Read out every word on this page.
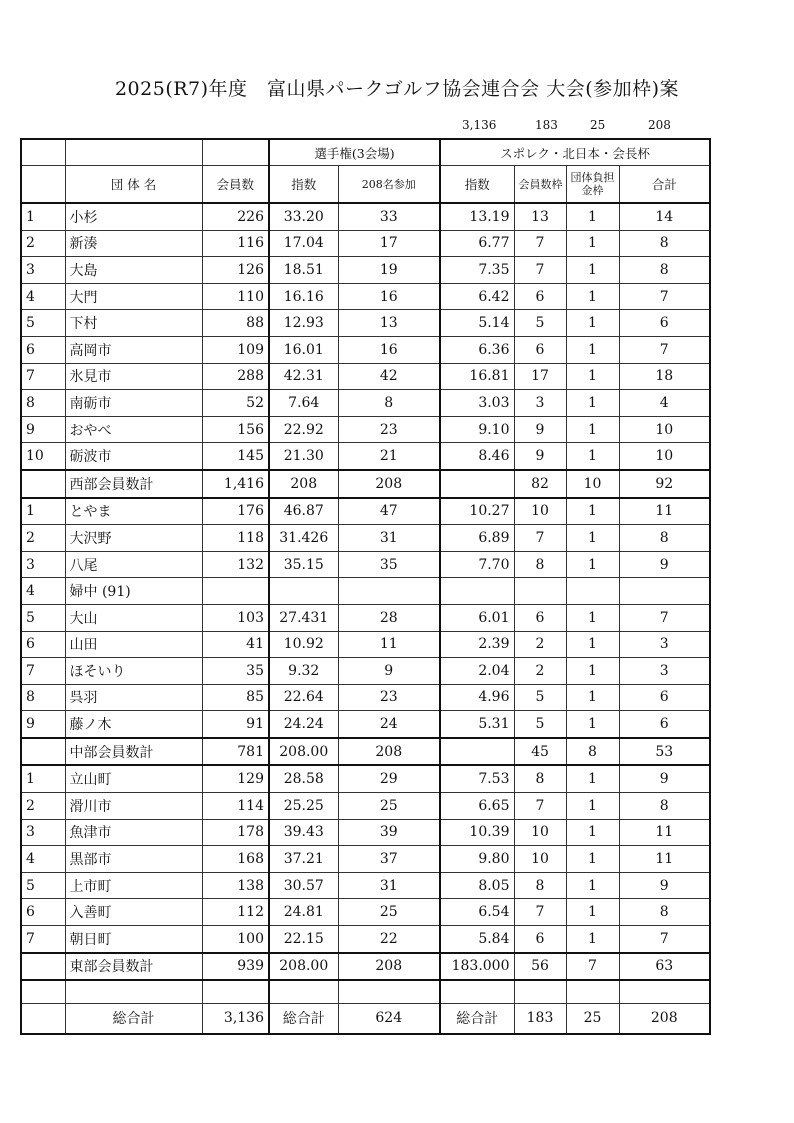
2025(R7)年度　富山県パークゴルフ協会連合会 大会(参加枠)案
3,136	183	25	208
			選手権(3会場)		スポレク・北日本・会長杯			
	団 体 名	会員数	指数	208名参加	指数	会員数枠	団体負担金枠	合計
1	小杉	226	33.20	33	13.19	13	1	14
2	新湊	116	17.04	17	6.77	7	1	8
3	大島	126	18.51	19	7.35	7	1	8
4	大門	110	16.16	16	6.42	6	1	7
5	下村	88	12.93	13	5.14	5	1	6
6	高岡市	109	16.01	16	6.36	6	1	7
7	氷見市	288	42.31	42	16.81	17	1	18
8	南砺市	52	7.64	8	3.03	3	1	4
9	おやべ	156	22.92	23	9.10	9	1	10
10	砺波市	145	21.30	21	8.46	9	1	10
	西部会員数計	1,416	208	208		82	10	92
1	とやま	176	46.87	47	10.27	10	1	11
2	大沢野	118	31.426	31	6.89	7	1	8
3	八尾	132	35.15	35	7.70	8	1	9
4	婦中 (91)							
5	大山	103	27.431	28	6.01	6	1	7
6	山田	41	10.92	11	2.39	2	1	3
7	ほそいり	35	9.32	9	2.04	2	1	3
8	呉羽	85	22.64	23	4.96	5	1	6
9	藤ノ木	91	24.24	24	5.31	5	1	6
	中部会員数計	781	208.00	208		45	8	53
1	立山町	129	28.58	29	7.53	8	1	9
2	滑川市	114	25.25	25	6.65	7	1	8
3	魚津市	178	39.43	39	10.39	10	1	11
4	黒部市	168	37.21	37	9.80	10	1	11
5	上市町	138	30.57	31	8.05	8	1	9
6	入善町	112	24.81	25	6.54	7	1	8
7	朝日町	100	22.15	22	5.84	6	1	7
	東部会員数計	939	208.00	208	183.000	56	7	63

	総合計	3,136	総合計	624	総合計	183	25	208
